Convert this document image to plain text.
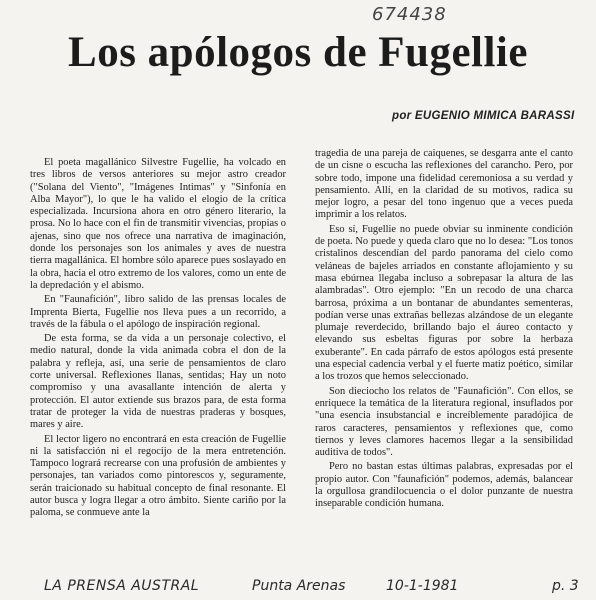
674438
Los apólogos de Fugellie
por EUGENIO MIMICA BARASSI

El poeta magallánico Silvestre Fugellie, ha volcado en tres libros de versos anteriores su mejor astro creador ("Solana del Viento", "Imágenes Intimas" y "Sinfonía en Alba Mayor"), lo que le ha valido el elogio de la crítica especializada. Incursiona ahora en otro género literario, la prosa. No lo hace con el fin de transmitir vivencias, propias o ajenas, sino que nos ofrece una narrativa de imaginación, donde los personajes son los animales y aves de nuestra tierra magallánica. El hombre sólo aparece pues soslayado en la obra, hacia el otro extremo de los valores, como un ente de la depredación y el abismo.

En "Faunafición", libro salido de las prensas locales de Imprenta Bierta, Fugellie nos lleva pues a un recorrido, a través de la fábula o el apólogo de inspiración regional.

De esta forma, se da vida a un personaje colectivo, el medio natural, donde la vida animada cobra el don de la palabra y refleja, así, una serie de pensamientos de claro corte universal. Reflexiones llanas, sentidas; Hay un noto compromiso y una avasallante intención de alerta y protección. El autor extiende sus brazos para, de esta forma tratar de proteger la vida de nuestras praderas y bosques, mares y aire.

El lector ligero no encontrará en esta creación de Fugellie ni la satisfacción ni el regocijo de la mera entretención. Tampoco logrará recrearse con una profusión de ambientes y personajes, tan variados como pintorescos y, seguramente, serán traicionado su habitual concepto de final resonante. El autor busca y logra llegar a otro ámbito. Siente cariño por la paloma, se conmueve ante la

tragedia de una pareja de caiquenes, se desgarra ante el canto de un cisne o escucha las reflexiones del caranchо. Pero, por sobre todo, impone una fidelidad ceremoniosa a su verdad y pensamiento. Allí, en la claridad de su motivos, radica su mejor logro, a pesar del tono ingenuo que a veces pueda imprimir a los relatos.

Eso sí, Fugellie no puede obviar su inminente condición de poeta. No puede y queda claro que no lo desea: "Los tonos cristalinos descendían del pardo panorama del cielo como veláneas de bajeles arriados en constante aflojamiento y su masa ebúrnea llegaba incluso a sobrepasar la altura de las alambradas". Otro ejemplo: "En un recodo de una charca barrosa, próxima a un bontanar de abundantes sementeras, podían verse unas extrañas bellezas alzándose de un elegante plumaje reverdecido, brillando bajo el áureo contacto y elevando sus esbeltas figuras por sobre la herbaza exuberante". En cada párrafo de estos apólogos está presente una especial cadencia verbal y el fuerte matiz poético, similar a los trozos que hemos seleccionado.

Son dieciocho los relatos de "Faunafición". Con ellos, se enriquece la temática de la literatura regional, insuflados por "una esencia insubstancial e increíblemente paradójica de raros caracteres, pensamientos y reflexiones que, como tiernos y leves clamores hacemos llegar a la sensibilidad auditiva de todos".

Pero no bastan estas últimas palabras, expresadas por el propio autor. Con "faunafición" podemos, además, balancear la orgullosa grandilocuencia o el dolor punzante de nuestra inseparable condición humana.

LA PRENSA AUSTRAL	Punta Arenas	10-1-1981	p. 3
